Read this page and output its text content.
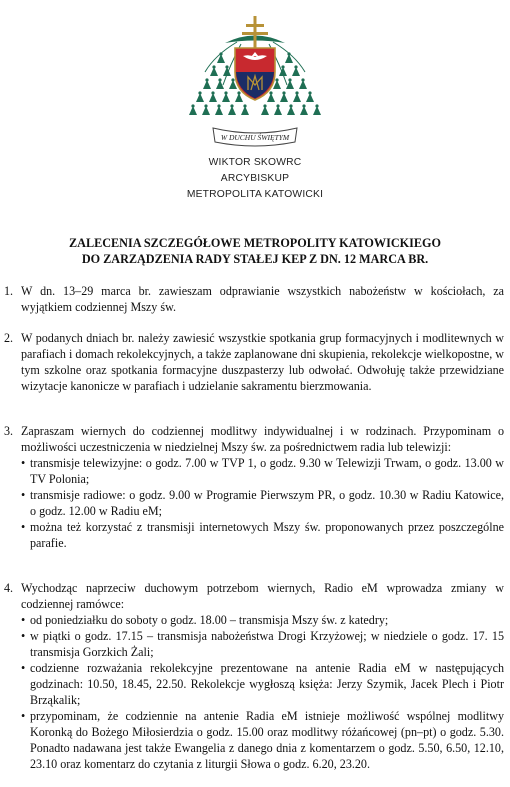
W DUCHU ŚWIĘTYM
WIKTOR SKOWRC
ARCYBISKUP
METROPOLITA KATOWICKI
ZALECENIA SZCZEGÓŁOWE METROPOLITY KATOWICKIEGO
DO ZARZĄDZENIA RADY STAŁEJ KEP Z DN. 12 MARCA BR.
1. W dn. 13–29 marca br. zawieszam odprawianie wszystkich nabożeństw w kościołach, za wyjątkiem codziennej Mszy św.

2. W podanych dniach br. należy zawiesić wszystkie spotkania grup formacyjnych i modlitewnych w parafiach i domach rekolekcyjnych, a także zaplanowane dni skupienia, rekolekcje wielkopostne, w tym szkolne oraz spotkania formacyjne duszpasterzy lub odwołać. Odwołuję także przewidziane wizytacje kanonicze w parafiach i udzielanie sakramentu bierzmowania.

3. Zapraszam wiernych do codziennej modlitwy indywidualnej i w rodzinach. Przypominam o możliwości uczestniczenia w niedzielnej Mszy św. za pośrednictwem radia lub telewizji:

• transmisje telewizyjne: o godz. 7.00 w TVP 1, o godz. 9.30 w Telewizji Trwam, o godz. 13.00 w TV Polonia;
• transmisje radiowe: o godz. 9.00 w Programie Pierwszym PR, o godz. 10.30 w Radiu Katowice, o godz. 12.00 w Radiu eM;
• można też korzystać z transmisji internetowych Mszy św. proponowanych przez poszczególne parafie.
4. Wychodząc naprzeciw duchowym potrzebom wiernych, Radio eM wprowadza zmiany w codziennej ramówce:

• od poniedziałku do soboty o godz. 18.00 – transmisja Mszy św. z katedry;
• w piątki o godz. 17.15 – transmisja nabożeństwa Drogi Krzyżowej; w niedziele o godz. 17. 15 transmisja Gorzkich Żali;
• codzienne rozważania rekolekcyjne prezentowane na antenie Radia eM w następujących godzinach: 10.50, 18.45, 22.50. Rekolekcje wygłoszą księża: Jerzy Szymik, Jacek Plech i Piotr Brząkalik;
• przypominam, że codziennie na antenie Radia eM istnieje możliwość wspólnej modlitwy Koronką do Bożego Miłosierdzia o godz. 15.00 oraz modlitwy różańcowej (pn–pt) o godz. 5.30. Ponadto nadawana jest także Ewangelia z danego dnia z komentarzem o godz. 5.50, 6.50, 12.10, 23.10 oraz komentarz do czytania z liturgii Słowa o godz. 6.20, 23.20.
